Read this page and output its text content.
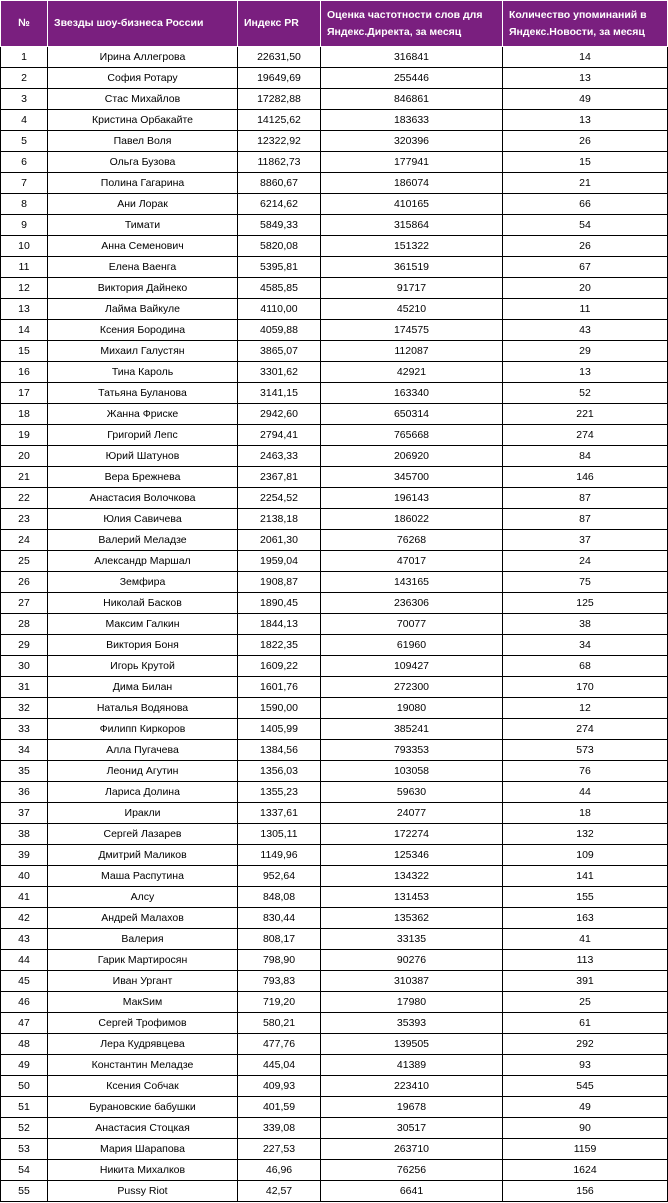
№	Звезды шоу-бизнеса России	Индекс PR	Оценка частотности слов для Яндекс.Директа, за месяц	Количество упоминаний в Яндекс.Новости, за месяц
1	Ирина Аллегрова	22631,50	316841	14
2	София Ротару	19649,69	255446	13
3	Стас Михайлов	17282,88	846861	49
4	Кристина Орбакайте	14125,62	183633	13
5	Павел Воля	12322,92	320396	26
6	Ольга Бузова	11862,73	177941	15
7	Полина Гагарина	8860,67	186074	21
8	Ани Лорак	6214,62	410165	66
9	Тимати	5849,33	315864	54
10	Анна Семенович	5820,08	151322	26
11	Елена Ваенга	5395,81	361519	67
12	Виктория Дайнеко	4585,85	91717	20
13	Лайма Вайкуле	4110,00	45210	11
14	Ксения Бородина	4059,88	174575	43
15	Михаил Галустян	3865,07	112087	29
16	Тина Кароль	3301,62	42921	13
17	Татьяна Буланова	3141,15	163340	52
18	Жанна Фриске	2942,60	650314	221
19	Григорий Лепс	2794,41	765668	274
20	Юрий Шатунов	2463,33	206920	84
21	Вера Брежнева	2367,81	345700	146
22	Анастасия Волочкова	2254,52	196143	87
23	Юлия Савичева	2138,18	186022	87
24	Валерий Меладзе	2061,30	76268	37
25	Александр Маршал	1959,04	47017	24
26	Земфира	1908,87	143165	75
27	Николай Басков	1890,45	236306	125
28	Максим Галкин	1844,13	70077	38
29	Виктория Боня	1822,35	61960	34
30	Игорь Крутой	1609,22	109427	68
31	Дима Билан	1601,76	272300	170
32	Наталья Водянова	1590,00	19080	12
33	Филипп Киркоров	1405,99	385241	274
34	Алла Пугачева	1384,56	793353	573
35	Леонид Агутин	1356,03	103058	76
36	Лариса Долина	1355,23	59630	44
37	Иракли	1337,61	24077	18
38	Сергей Лазарев	1305,11	172274	132
39	Дмитрий Маликов	1149,96	125346	109
40	Маша Распутина	952,64	134322	141
41	Алсу	848,08	131453	155
42	Андрей Малахов	830,44	135362	163
43	Валерия	808,17	33135	41
44	Гарик Мартиросян	798,90	90276	113
45	Иван Ургант	793,83	310387	391
46	МакSим	719,20	17980	25
47	Сергей Трофимов	580,21	35393	61
48	Лера Кудрявцева	477,76	139505	292
49	Константин Меладзе	445,04	41389	93
50	Ксения Собчак	409,93	223410	545
51	Бурановские бабушки	401,59	19678	49
52	Анастасия Стоцкая	339,08	30517	90
53	Мария Шарапова	227,53	263710	1159
54	Никита Михалков	46,96	76256	1624
55	Pussy Riot	42,57	6641	156
